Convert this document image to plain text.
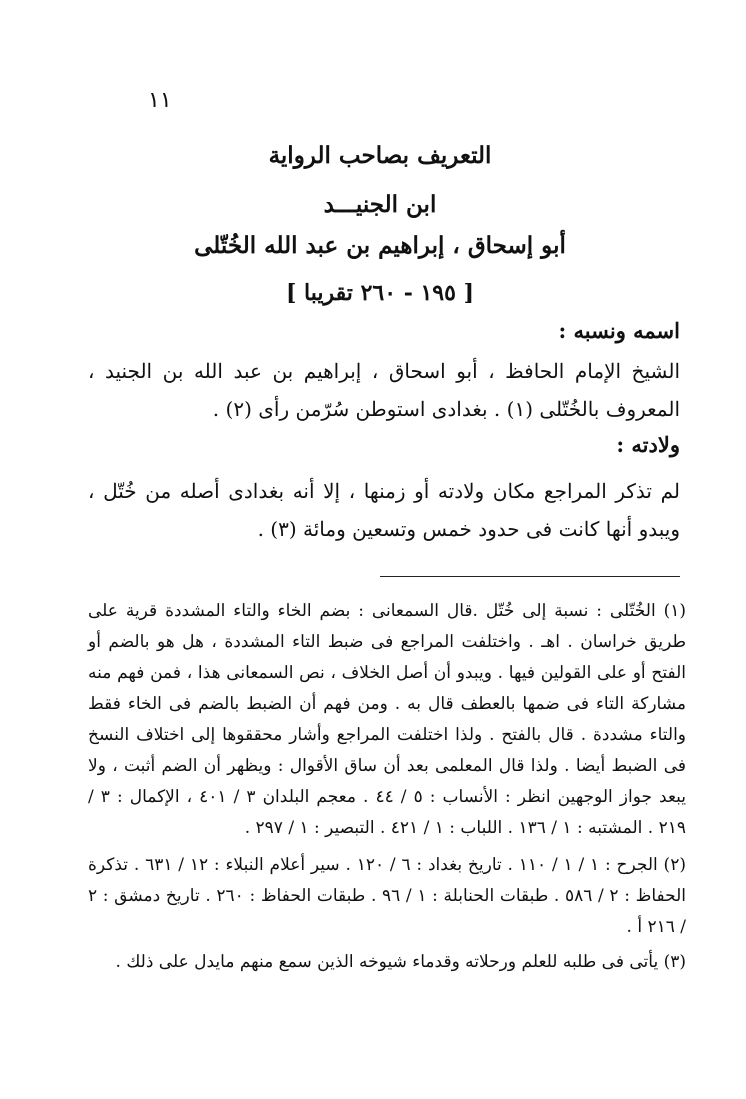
١١
التعريف بصاحب الرواية
ابن الجنيـــد
أبو إسحاق ، إبراهيم بن عبد الله الخُتّلى
[ ١٩٥ - ٢٦٠ تقريبا ]
اسمه ونسبه :
الشيخ الإمام الحافظ ، أبو اسحاق ، إبراهيم بن عبد الله بن الجنيد ، المعروف بالخُتّلى (١) . بغدادى استوطن سُرّمن رأى (٢) .
ولادته :
لم تذكر المراجع مكان ولادته أو زمنها ، إلا أنه بغدادى أصله من خُتّل ، ويبدو أنها كانت فى حدود خمس وتسعين ومائة (٣) .

(١) الخُتّلى : نسبة إلى خُتّل .قال السمعانى : بضم الخاء والتاء المشددة قرية على طريق خراسان . اهـ . واختلفت المراجع فى ضبط التاء المشددة ، هل هو بالضم أو الفتح أو على القولين فيها . ويبدو أن أصل الخلاف ، نص السمعانى هذا ، فمن فهم منه مشاركة التاء فى ضمها بالعطف قال به . ومن فهم أن الضبط بالضم فى الخاء فقط والتاء مشددة . قال بالفتح . ولذا اختلفت المراجع وأشار محققوها إلى اختلاف النسخ فى الضبط أيضا . ولذا قال المعلمى بعد أن ساق الأقوال : ويظهر أن الضم أثبت ، ولا يبعد جواز الوجهين انظر : الأنساب : ٥ / ٤٤ . معجم البلدان ٣ / ٤٠١ ، الإكمال : ٣ / ٢١٩ . المشتبه : ١ / ١٣٦ . اللباب : ١ / ٤٢١ . التبصير : ١ / ٢٩٧ .

(٢) الجرح : ١ / ١ / ١١٠ . تاريخ بغداد : ٦ / ١٢٠ . سير أعلام النبلاء : ١٢ / ٦٣١ . تذكرة الحفاظ : ٢ / ٥٨٦ . طبقات الحنابلة : ١ / ٩٦ . طبقات الحفاظ : ٢٦٠ . تاريخ دمشق : ٢ / ٢١٦ أ .

(٣) يأتى فى طلبه للعلم ورحلاته وقدماء شيوخه الذين سمع منهم مايدل على ذلك .
